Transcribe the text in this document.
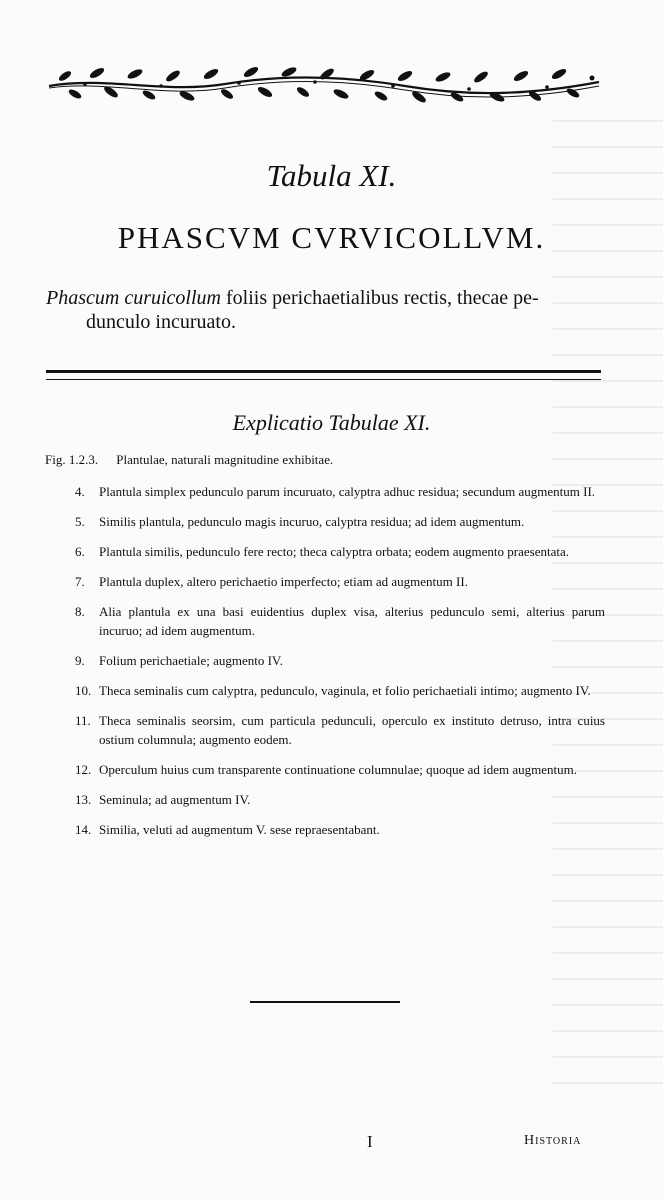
Tabula XI.
PHASCVM CVRVICOLLVM.
Phascum curuicollum foliis perichaetialibus rectis, thecae pe-
dunculo incuruato.
Explicatio Tabulae XI.
Fig. 1.2.3. Plantulae, naturali magnitudine exhibitae.
4.	Plantula simplex pedunculo parum incuruato, calyptra adhuc residua; secundum augmentum II.
5.	Similis plantula, pedunculo magis incuruo, calyptra residua; ad idem augmentum.
6.	Plantula similis, pedunculo fere recto; theca calyptra orbata; eodem augmento praesentata.
7.	Plantula duplex, altero perichaetio imperfecto; etiam ad augmentum II.
8.	Alia plantula ex una basi euidentius duplex visa, alterius pedunculo semi, alterius parum incuruo; ad idem augmentum.
9.	Folium perichaetiale; augmento IV.
10. Theca seminalis cum calyptra, pedunculo, vaginula, et folio perichaetiali intimo; augmento IV.
11. Theca seminalis seorsim, cum particula pedunculi, operculo ex instituto detruso, intra cuius ostium columnula; augmento eodem.
12. Operculum huius cum transparente continuatione columnulae; quoque ad idem augmentum.
13. Seminula; ad augmentum IV.
14. Similia, veluti ad augmentum V. sese repraesentabant.
I	Historia
